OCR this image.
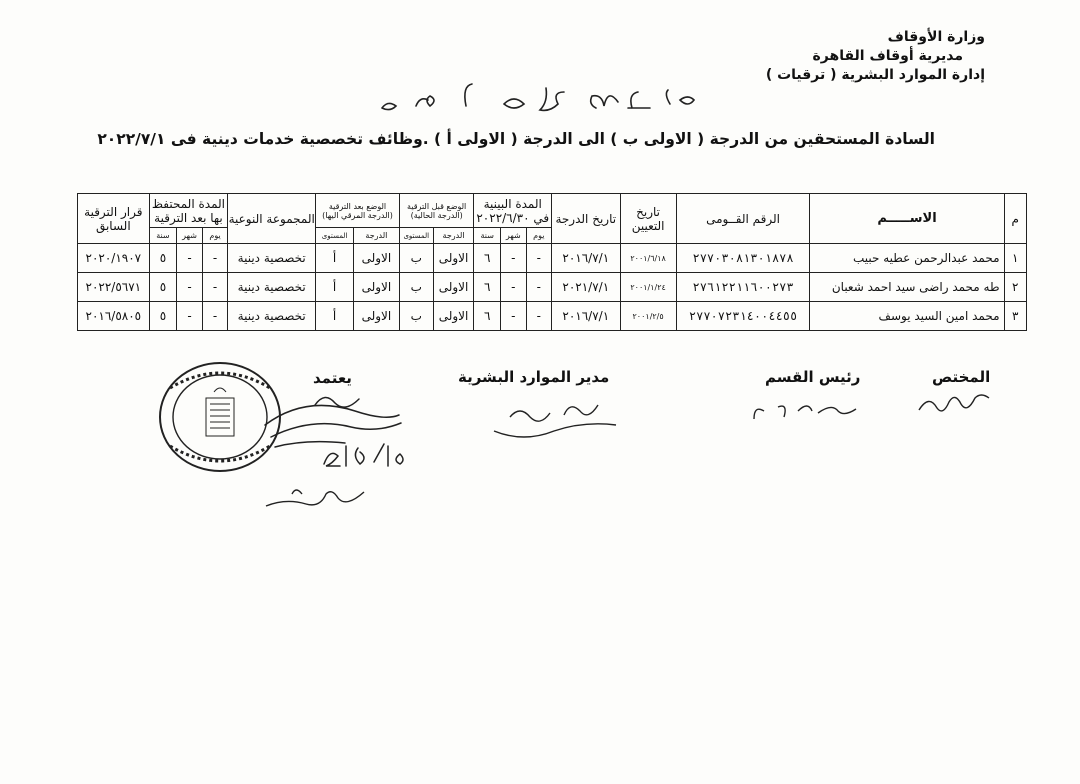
وزارة الأوقاف
مديرية أوقاف القاهرة
إدارة الموارد البشرية ( ترقيات )
السادة المستحقين من الدرجة ( الاولى ب ) الى الدرجة ( الاولى أ ) .وظائف تخصصية خدمات دينية فى ٢٠٢٢/٧/١
م	الاســـــم	الرقم القــومى	تاريخ التعيين	تاريخ الدرجة	المدة البينية في ٢٠٢٢/٦/٣٠			الوضع قبل الترقية (الدرجة الحالية)		الوضع بعد الترقية (الدرجة المرقي اليها)		المجموعة النوعية	المدة المحتفظ بها بعد الترقية			قرار الترقية السابق
					يوم	شهر	سنة	الدرجة	المستوى	الدرجة	المستوى		يوم	شهر	سنة	

١	محمد عبدالرحمن عطيه حبيب	٢٧٧٠٣٠٨١٣٠١٨٧٨	٢٠٠١/٦/١٨	٢٠١٦/٧/١	-	-	٦	الاولى	ب	الاولى	أ	تخصصية دينية	-	-	٥	٢٠٢٠/١٩٠٧
٢	طه محمد راضى سيد احمد شعبان	٢٧٦١٢٢١١٦٠٠٢٧٣	٢٠٠١/١/٢٤	٢٠٢١/٧/١	-	-	٦	الاولى	ب	الاولى	أ	تخصصية دينية	-	-	٥	٢٠٢٢/٥٦٧١
٣	محمد امين السيد يوسف	٢٧٧٠٧٢٣١٤٠٠٤٤٥٥	٢٠٠١/٢/٥	٢٠١٦/٧/١	-	-	٦	الاولى	ب	الاولى	أ	تخصصية دينية	-	-	٥	٢٠١٦/٥٨٠٥
المختص
رئيس القسم
مدير الموارد البشرية
يعتمد
